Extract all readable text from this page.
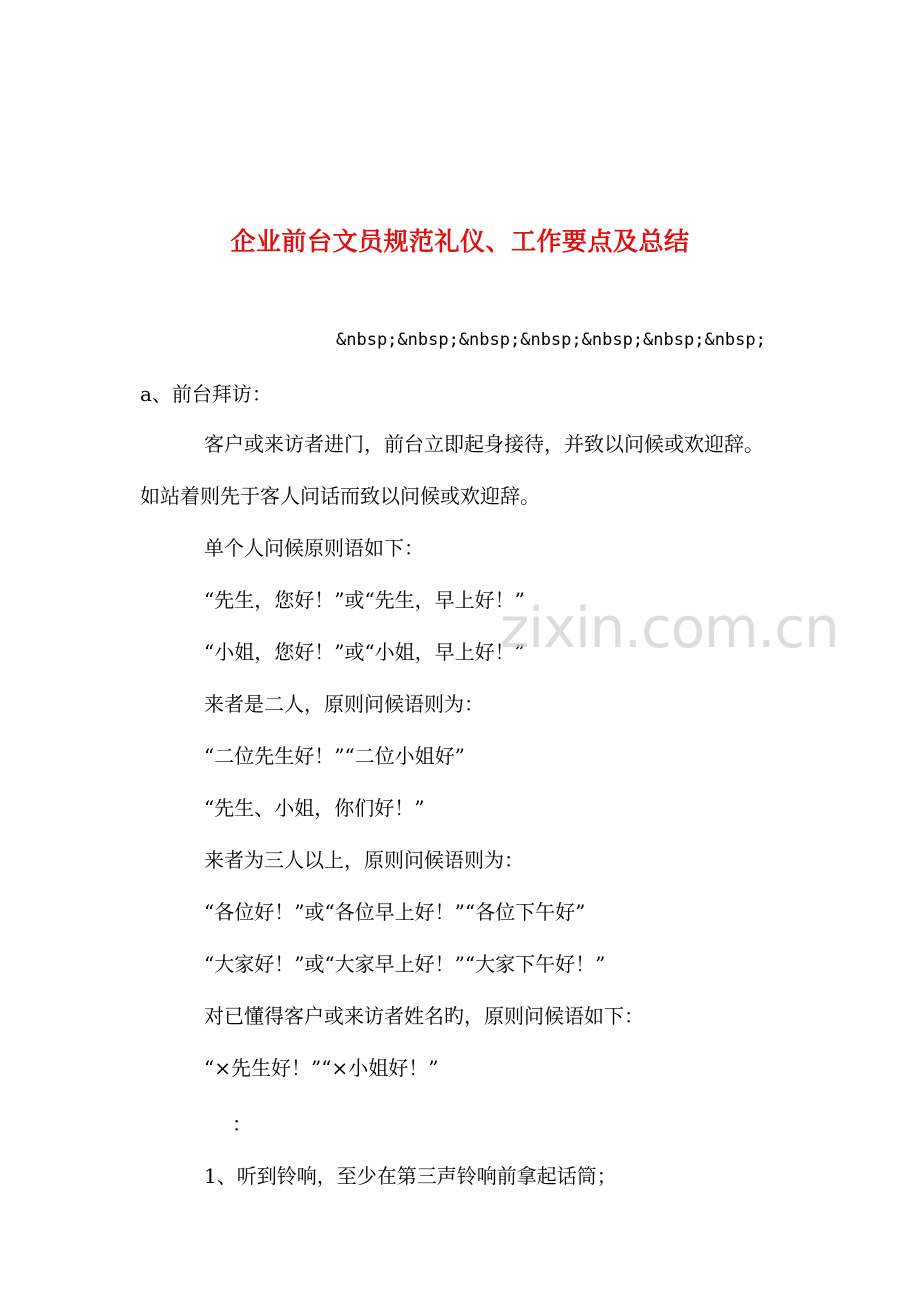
企业前台文员规范礼仪、工作要点及总结
&nbsp;&nbsp;&nbsp;&nbsp;&nbsp;&nbsp;&nbsp;
a、前台拜访：
客户或来访者进门，前台立即起身接待，并致以问候或欢迎辞。
如站着则先于客人问话而致以问候或欢迎辞。
单个人问候原则语如下：
“先生，您好！”或“先生，早上好！”
“小姐，您好！”或“小姐，早上好！”
来者是二人，原则问候语则为：
“二位先生好！”“二位小姐好”
“先生、小姐，你们好！”
来者为三人以上，原则问候语则为：
“各位好！”或“各位早上好！”“各位下午好”
“大家好！”或“大家早上好！”“大家下午好！”
对已懂得客户或来访者姓名旳，原则问候语如下：
“×先生好！”“×小姐好！”
：
1、听到铃响，至少在第三声铃响前拿起话筒；
zixin.com.cn
